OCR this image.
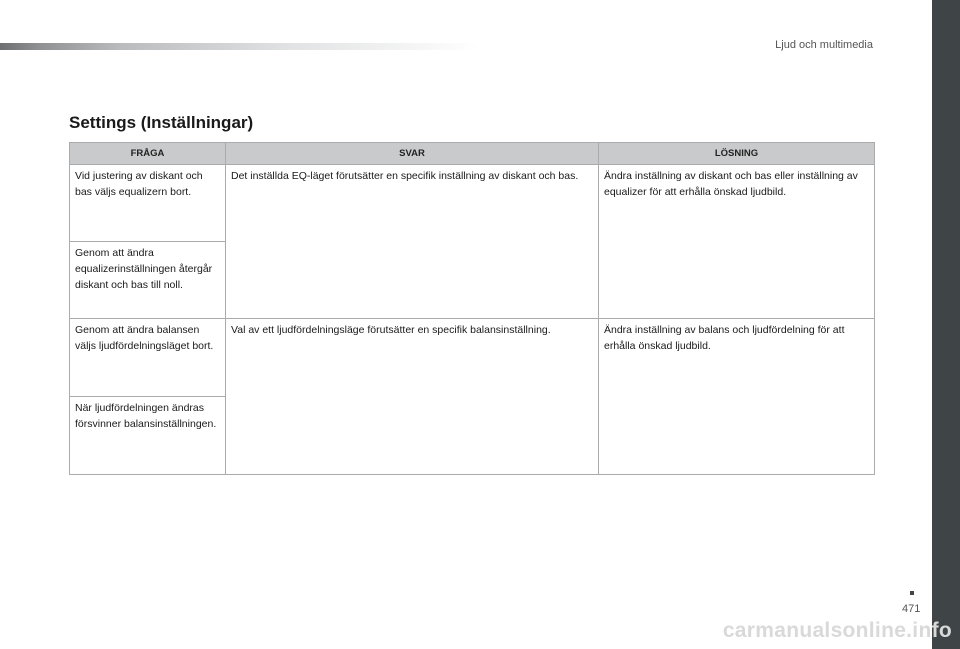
Ljud och multimedia
Settings (Inställningar)
FRÅGA	SVAR	LÖSNING
Vid justering av diskant och bas väljs equalizern bort.	Det inställda EQ-läget förutsätter en specifik inställning av diskant och bas.	Ändra inställning av diskant och bas eller inställning av equalizer för att erhålla önskad ljudbild.
Genom att ändra equalizerinställningen återgår diskant och bas till noll.		
Genom att ändra balansen väljs ljudfördelningsläget bort.	Val av ett ljudfördelningsläge förutsätter en specifik balansinställning.	Ändra inställning av balans och ljudfördelning för att erhålla önskad ljudbild.
När ljudfördelningen ändras försvinner balansinställningen.		
471
carmanualsonline.info
